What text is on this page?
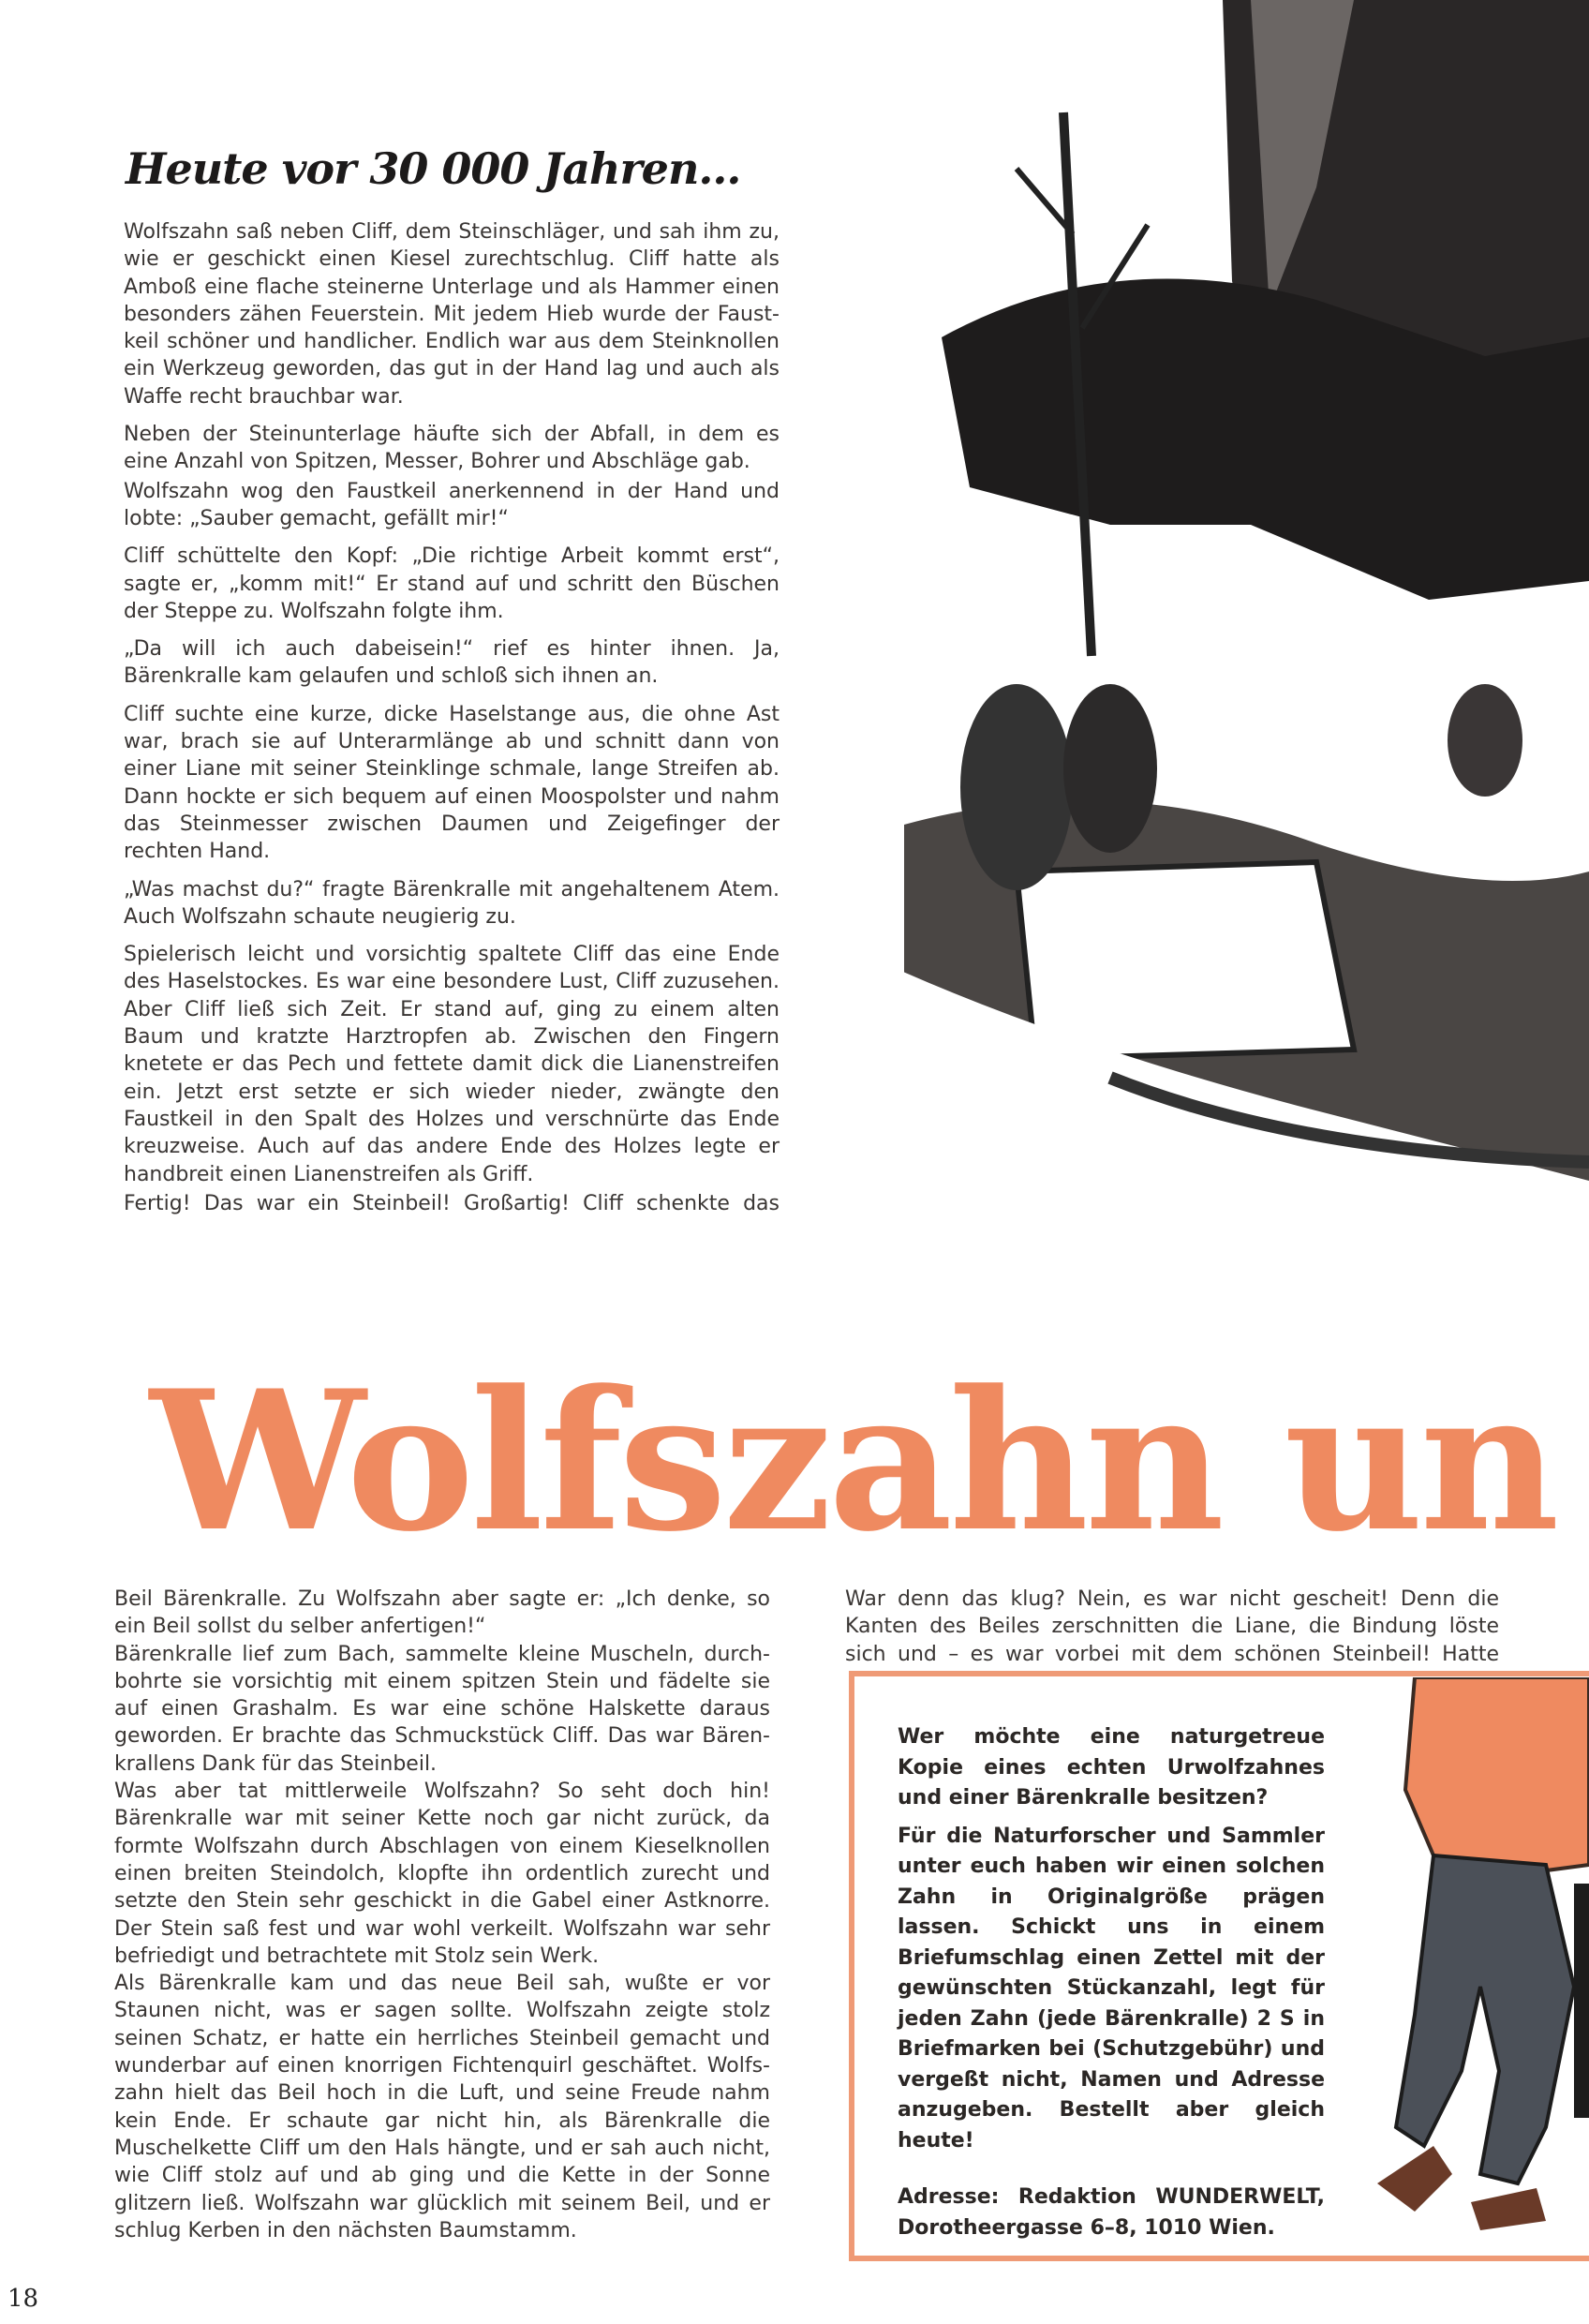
Heute vor 30 000 Jahren...

Wolfszahn saß neben Cliff, dem Steinschläger, und sah ihm zu, wie er geschickt einen Kiesel zurechtschlug. Cliff hatte als Amboß eine flache steinerne Unterlage und als Hammer einen besonders zähen Feuerstein. Mit jedem Hieb wurde der Faustkeil schöner und handlicher. Endlich war aus dem Steinknollen ein Werkzeug geworden, das gut in der Hand lag und auch als Waffe recht brauchbar war.

Neben der Steinunterlage häufte sich der Abfall, in dem es eine Anzahl von Spitzen, Messer, Bohrer und Abschläge gab.

Wolfszahn wog den Faustkeil anerkennend in der Hand und lobte: „Sauber gemacht, gefällt mir!“

Cliff schüttelte den Kopf: „Die richtige Arbeit kommt erst“, sagte er, „komm mit!“ Er stand auf und schritt den Büschen der Steppe zu. Wolfszahn folgte ihm.

„Da will ich auch dabeisein!“ rief es hinter ihnen. Ja, Bärenkralle kam gelaufen und schloß sich ihnen an.

Cliff suchte eine kurze, dicke Haselstange aus, die ohne Ast war, brach sie auf Unterarmlänge ab und schnitt dann von einer Liane mit seiner Steinklinge schmale, lange Streifen ab. Dann hockte er sich bequem auf einen Moospolster und nahm das Steinmesser zwischen Daumen und Zeigefinger der rechten Hand.

„Was machst du?“ fragte Bärenkralle mit angehaltenem Atem. Auch Wolfszahn schaute neugierig zu.

Spielerisch leicht und vorsichtig spaltete Cliff das eine Ende des Haselstockes. Es war eine besondere Lust, Cliff zuzusehen. Aber Cliff ließ sich Zeit. Er stand auf, ging zu einem alten Baum und kratzte Harztropfen ab. Zwischen den Fingern knetete er das Pech und fettete damit dick die Lianenstreifen ein. Jetzt erst setzte er sich wieder nieder, zwängte den Faustkeil in den Spalt des Holzes und verschnürte das Ende kreuzweise. Auch auf das andere Ende des Holzes legte er handbreit einen Lianenstreifen als Griff.

Fertig! Das war ein Steinbeil! Großartig! Cliff schenkte das

Wolfszahn un

Beil Bärenkralle. Zu Wolfszahn aber sagte er: „Ich denke, so ein Beil sollst du selber anfertigen!“

Bärenkralle lief zum Bach, sammelte kleine Muscheln, durchbohrte sie vorsichtig mit einem spitzen Stein und fädelte sie auf einen Grashalm. Es war eine schöne Halskette daraus geworden. Er brachte das Schmuckstück Cliff. Das war Bärenkrallens Dank für das Steinbeil.

Was aber tat mittlerweile Wolfszahn? So seht doch hin! Bärenkralle war mit seiner Kette noch gar nicht zurück, da formte Wolfszahn durch Abschlagen von einem Kieselknollen einen breiten Steindolch, klopfte ihn ordentlich zurecht und setzte den Stein sehr geschickt in die Gabel einer Astknorre. Der Stein saß fest und war wohl verkeilt. Wolfszahn war sehr befriedigt und betrachtete mit Stolz sein Werk.

Als Bärenkralle kam und das neue Beil sah, wußte er vor Staunen nicht, was er sagen sollte. Wolfszahn zeigte stolz seinen Schatz, er hatte ein herrliches Steinbeil gemacht und wunderbar auf einen knorrigen Fichtenquirl geschäftet. Wolfszahn hielt das Beil hoch in die Luft, und seine Freude nahm kein Ende. Er schaute gar nicht hin, als Bärenkralle die Muschelkette Cliff um den Hals hängte, und er sah auch nicht, wie Cliff stolz auf und ab ging und die Kette in der Sonne glitzern ließ. Wolfszahn war glücklich mit seinem Beil, und er schlug Kerben in den nächsten Baumstamm.

War denn das klug? Nein, es war nicht gescheit! Denn die Kanten des Beiles zerschnitten die Liane, die Bindung löste sich und – es war vorbei mit dem schönen Steinbeil! Hatte

Wer möchte eine naturgetreue Kopie eines echten Urwolfzahnes und einer Bärenkralle besitzen?

Für die Naturforscher und Sammler unter euch haben wir einen solchen Zahn in Originalgröße prägen lassen. Schickt uns in einem Briefumschlag einen Zettel mit der gewünschten Stückanzahl, legt für jeden Zahn (jede Bärenkralle) 2 S in Briefmarken bei (Schutzgebühr) und vergeßt nicht, Namen und Adresse anzugeben. Bestellt aber gleich heute!

Adresse: Redaktion WUNDERWELT, Dorotheergasse 6–8, 1010 Wien.

18
